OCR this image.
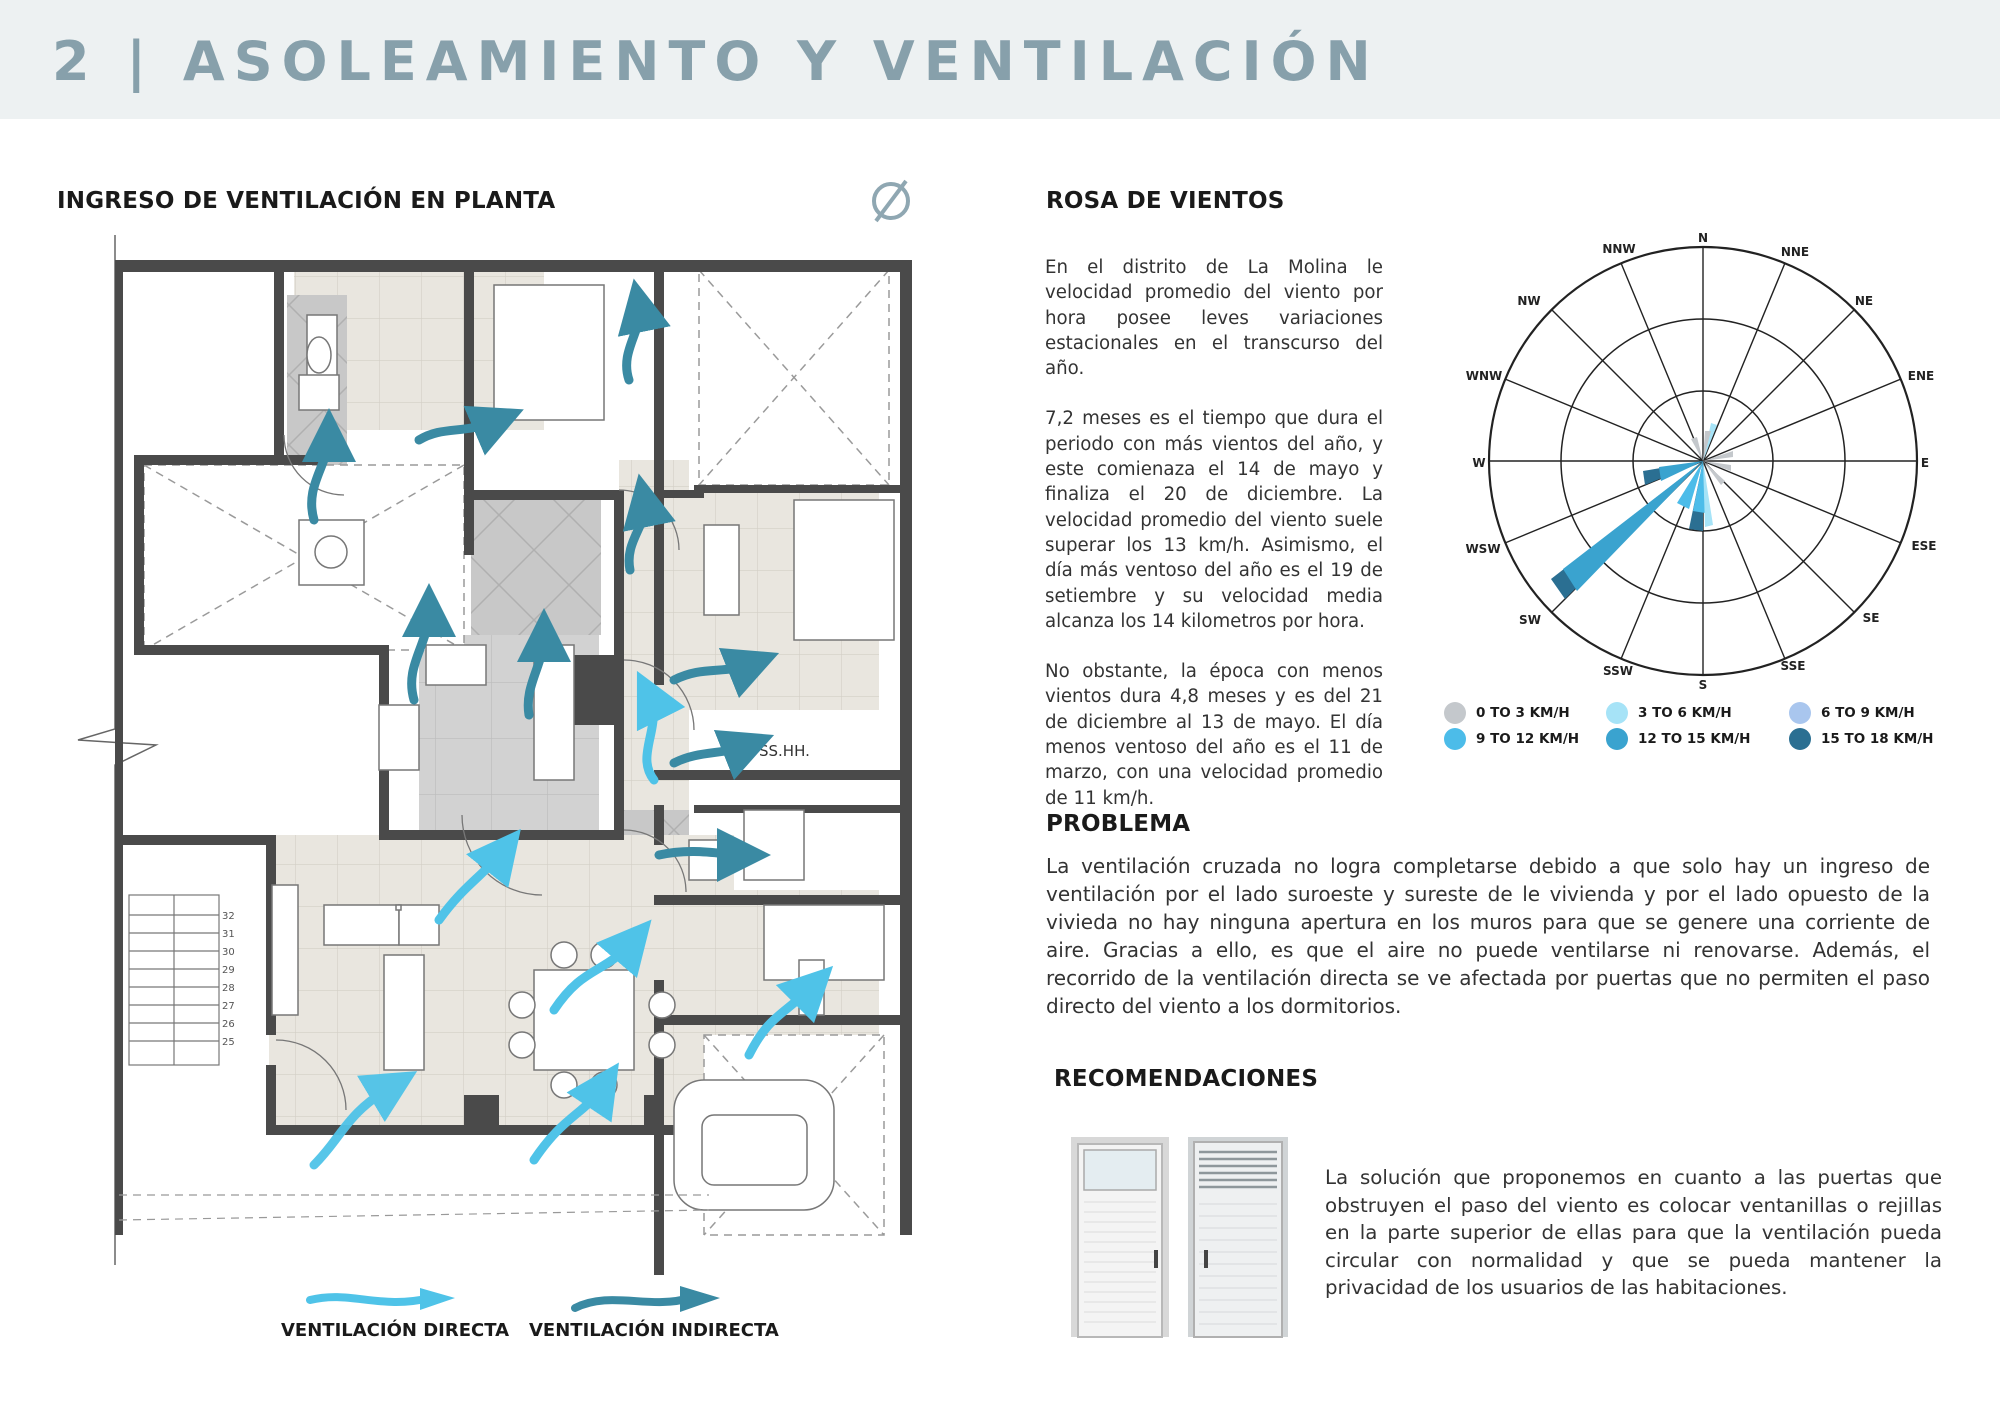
2 | ASOLEAMIENTO Y VENTILACIÓN
INGRESO DE VENTILACIÓN EN PLANTA
32
31
30
29
28
27
26
25
SS.HH.
VENTILACIÓN DIRECTA VENTILACIÓN INDIRECTA
ROSA DE VIENTOS

En el distrito de La Molina le velocidad promedio del viento por hora posee leves variaciones estacionales en el transcurso del año.

7,2 meses es el tiempo que dura el periodo con más vientos del año, y este comienaza el 14 de mayo y finaliza el 20 de diciembre. La velocidad promedio del viento suele superar los 13 km/h. Asimismo, el día más ventoso del año es el 19 de setiembre y su velocidad media alcanza los 14 kilometros por hora.

No obstante, la época con menos vientos dura 4,8 meses y es del 21 de diciembre al 13 de mayo. El día menos ventoso del año es el 11 de marzo, con una velocidad promedio de 11 km/h.

N
NNE
NE
ENE
E
ESE
SE
SSE
S
SSW
SW
WSW
W
WNW
NW
NNW
0 TO 3 KM/H	3 TO 6 KM/H	6 TO 9 KM/H
9 TO 12 KM/H	12 TO 15 KM/H	15 TO 18 KM/H
PROBLEMA

La ventilación cruzada no logra completarse debido a que solo hay un ingreso de ventilación por el lado suroeste y sureste de le vivienda y por el lado opuesto de la vivieda no hay ninguna apertura en los muros para que se genere una corriente de aire. Gracias a ello, es que el aire no puede ventilarse ni renovarse. Además, el recorrido de la ventilación directa se ve afectada por puertas que no permiten el paso directo del viento a los dormitorios.

RECOMENDACIONES

La solución que proponemos en cuanto a las puertas que obstruyen el paso del viento es colocar ventanillas o rejillas en la parte superior de ellas para que la ventilación pueda circular con normalidad y que se pueda mantener la privacidad de los usuarios de las habitaciones.
